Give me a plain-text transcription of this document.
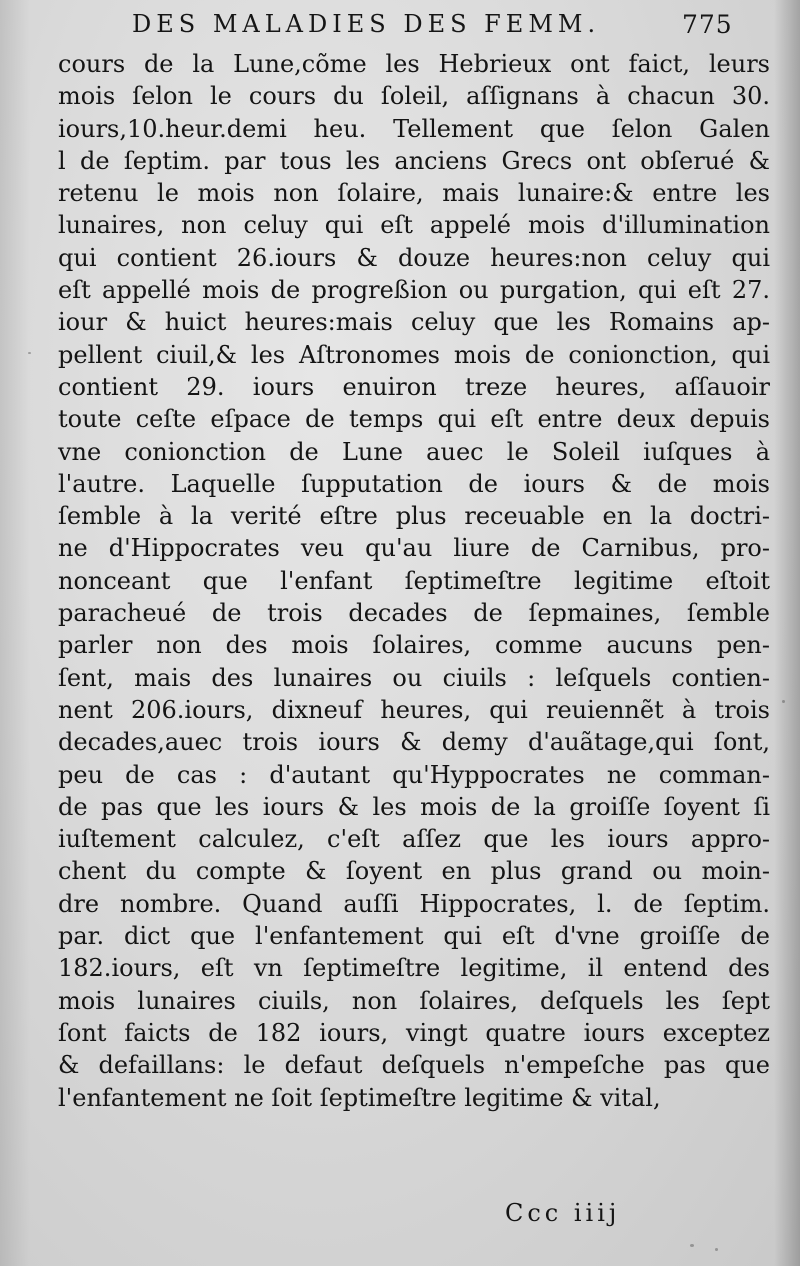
DES MALADIES DES FEMM.	775
cours de la Lune,cõme les Hebrieux ont faict, leurs
mois ſelon le cours du ſoleil, aſſignans à chacun 30.
iours,10.heur.demi heu. Tellement que ſelon Galen
l de ſeptim. par tous les anciens Grecs ont obſerué &
retenu le mois non ſolaire, mais lunaire:& entre les
lunaires, non celuy qui eſt appelé mois d'illumination
qui contient 26.iours & douze heures:non celuy qui
eſt appellé mois de progreßion ou purgation, qui eſt 27.
iour & huict heures:mais celuy que les Romains ap-
pellent ciuil,& les Aſtronomes mois de conionction, qui
contient 29. iours enuiron treze heures, aſſauoir
toute ceſte eſpace de temps qui eſt entre deux depuis
vne conionction de Lune auec le Soleil iuſques à
l'autre. Laquelle ſupputation de iours & de mois
ſemble à la verité eſtre plus receuable en la doctri-
ne d'Hippocrates veu qu'au liure de Carnibus, pro-
nonceant que l'enfant ſeptimeſtre legitime eſtoit
paracheué de trois decades de ſepmaines, ſemble
parler non des mois ſolaires, comme aucuns pen-
ſent, mais des lunaires ou ciuils : leſquels contien-
nent 206.iours, dixneuf heures, qui reuiennẽt à trois
decades,auec trois iours & demy d'auãtage,qui ſont,
peu de cas : d'autant qu'Hyppocrates ne comman-
de pas que les iours & les mois de la groiſſe ſoyent ſi
iuſtement calculez, c'eſt aſſez que les iours appro-
chent du compte & ſoyent en plus grand ou moin-
dre nombre. Quand auſſi Hippocrates, l. de ſeptim.
par. dict que l'enfantement qui eſt d'vne groiſſe de
182.iours, eſt vn ſeptimeſtre legitime, il entend des
mois lunaires ciuils, non ſolaires, deſquels les ſept
ſont faicts de 182 iours, vingt quatre iours exceptez
& defaillans: le defaut deſquels n'empeſche pas que
l'enfantement ne ſoit ſeptimeſtre legitime & vital,
Ccc iiij
